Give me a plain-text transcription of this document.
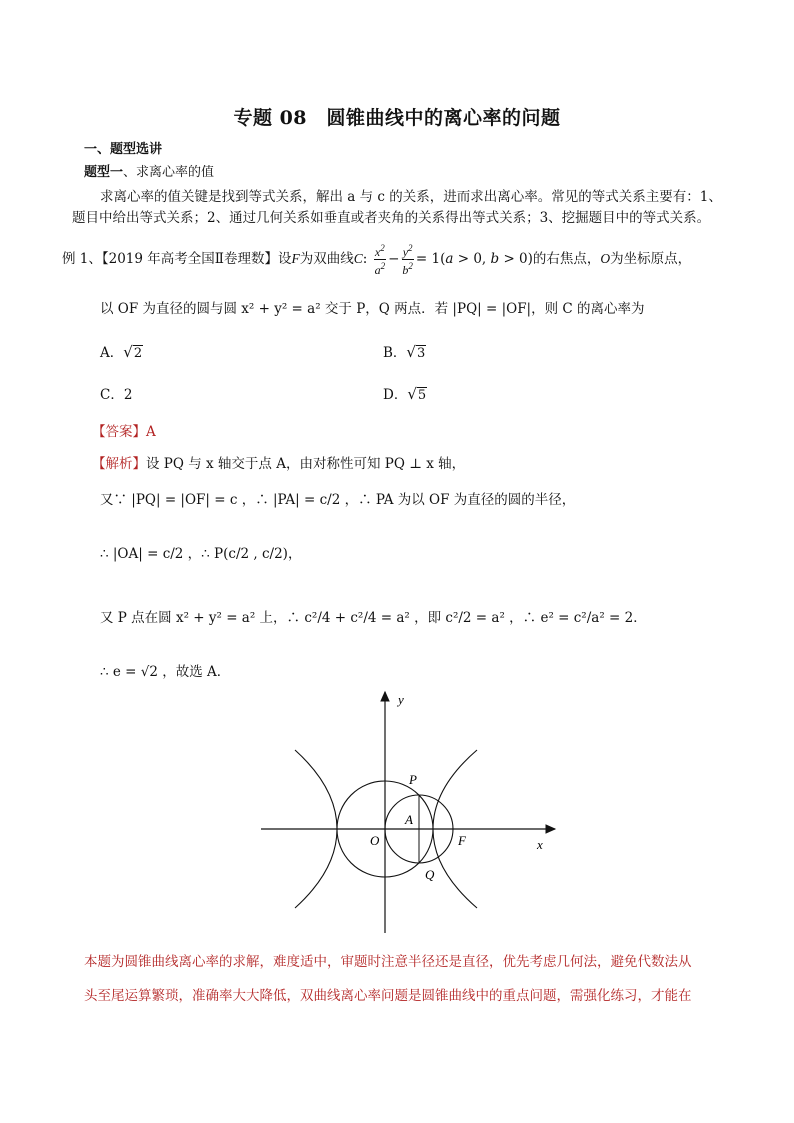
专题 08　圆锥曲线中的离心率的问题
一、题型选讲
题型一、求离心率的值
求离心率的值关键是找到等式关系，解出 a 与 c 的关系，进而求出离心率。常见的等式关系主要有：1、
题目中给出等式关系；2、通过几何关系如垂直或者夹角的关系得出等式关系；3、挖掘题目中的等式关系。
例 1、【2019 年高考全国Ⅱ卷理数】设F为双曲线C: $\frac{x^2}{a^2} - \frac{y^2}{b^2} = 1(a > 0$, b > 0)的右焦点，O为坐标原点，
以 OF 为直径的圆与圆 x² + y² = a² 交于 P，Q 两点．若 |PQ| = |OF|，则 C 的离心率为
A． √ 2	B． √ 3
C．2	D． √ 5
【答案】A
【解析】设 PQ 与 x 轴交于点 A，由对称性可知 PQ ⊥ x 轴，
又∵ |PQ| = |OF| = c ，∴ |PA| = c/2 ，∴ PA 为以 OF 为直径的圆的半径，
∴ |OA| = c/2 ，∴ P(c/2 , c/2)，
又 P 点在圆 x² + y² = a² 上，∴ c²/4 + c²/4 = a² ，即 c²/2 = a² ，∴ e² = c²/a² = 2．
∴ e = √2 ，故选 A．
y
x
O
A
F
P
Q
本题为圆锥曲线离心率的求解，难度适中，审题时注意半径还是直径，优先考虑几何法，避免代数法从
头至尾运算繁琐，准确率大大降低，双曲线离心率问题是圆锥曲线中的重点问题，需强化练习，才能在
